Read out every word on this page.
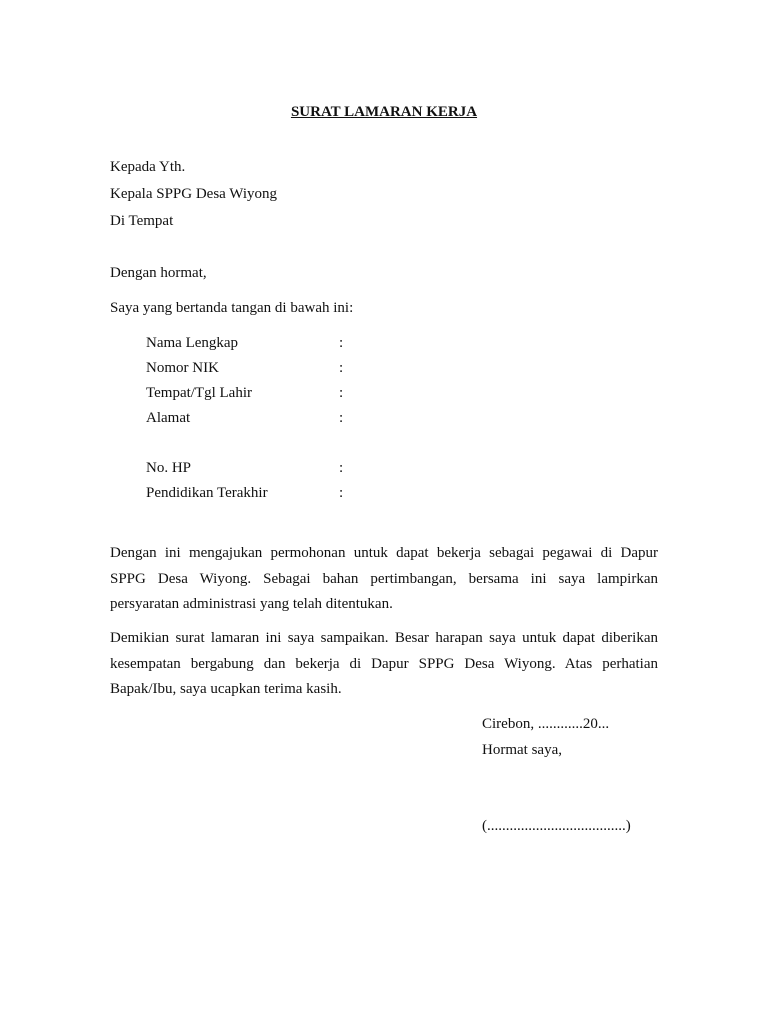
SURAT LAMARAN KERJA
Kepada Yth.
Kepala SPPG Desa Wiyong
Di Tempat
Dengan hormat,
Saya yang bertanda tangan di bawah ini:
Nama Lengkap	:
Nomor NIK	:
Tempat/Tgl Lahir	:
Alamat	:
No. HP	:
Pendidikan Terakhir	:

Dengan ini mengajukan permohonan untuk dapat bekerja sebagai pegawai di Dapur
SPPG Desa Wiyong. Sebagai bahan pertimbangan, bersama ini saya lampirkan
persyaratan administrasi yang telah ditentukan.

Demikian surat lamaran ini saya sampaikan. Besar harapan saya untuk dapat diberikan
kesempatan bergabung dan bekerja di Dapur SPPG Desa Wiyong. Atas perhatian
Bapak/Ibu, saya ucapkan terima kasih.

Cirebon, ............20...
Hormat saya,
(.....................................)
